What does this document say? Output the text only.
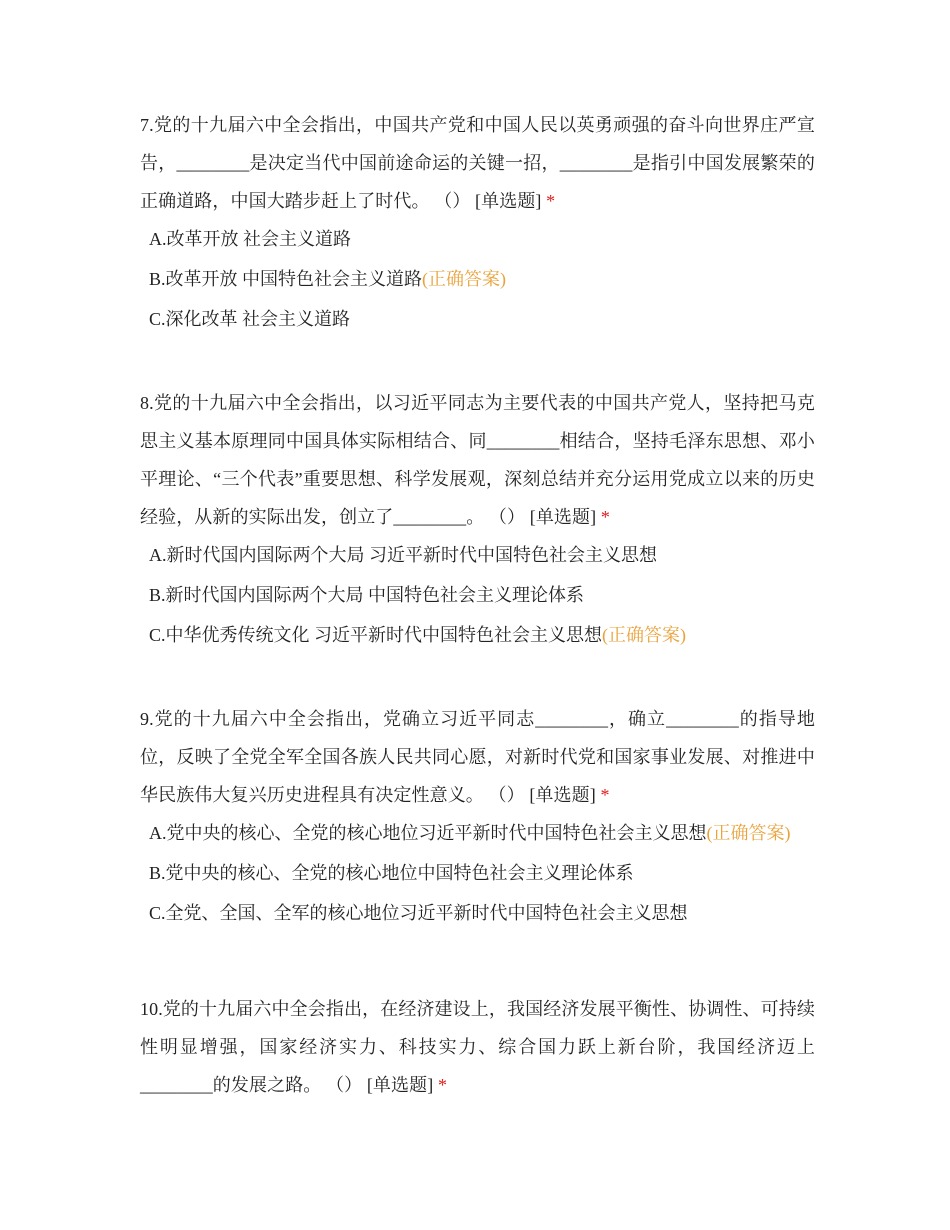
7.党的十九届六中全会指出，中国共产党和中国人民以英勇顽强的奋斗向世界庄严宣告，________是决定当代中国前途命运的关键一招，________是指引中国发展繁荣的正确道路，中国大踏步赶上了时代。 （） [单选题] *

A.改革开放 社会主义道路

B.改革开放 中国特色社会主义道路(正确答案)

C.深化改革 社会主义道路

8.党的十九届六中全会指出，以习近平同志为主要代表的中国共产党人，坚持把马克思主义基本原理同中国具体实际相结合、同________相结合，坚持毛泽东思想、邓小平理论、“三个代表”重要思想、科学发展观，深刻总结并充分运用党成立以来的历史经验，从新的实际出发，创立了________。 （） [单选题] *

A.新时代国内国际两个大局 习近平新时代中国特色社会主义思想

B.新时代国内国际两个大局 中国特色社会主义理论体系

C.中华优秀传统文化 习近平新时代中国特色社会主义思想(正确答案)

9.党的十九届六中全会指出，党确立习近平同志________，确立________的指导地位，反映了全党全军全国各族人民共同心愿，对新时代党和国家事业发展、对推进中华民族伟大复兴历史进程具有决定性意义。 （） [单选题] *

A.党中央的核心、全党的核心地位习近平新时代中国特色社会主义思想(正确答案)

B.党中央的核心、全党的核心地位中国特色社会主义理论体系

C.全党、全国、全军的核心地位习近平新时代中国特色社会主义思想

10.党的十九届六中全会指出，在经济建设上，我国经济发展平衡性、协调性、可持续性明显增强，国家经济实力、科技实力、综合国力跃上新台阶，我国经济迈上________的发展之路。 （） [单选题] *
